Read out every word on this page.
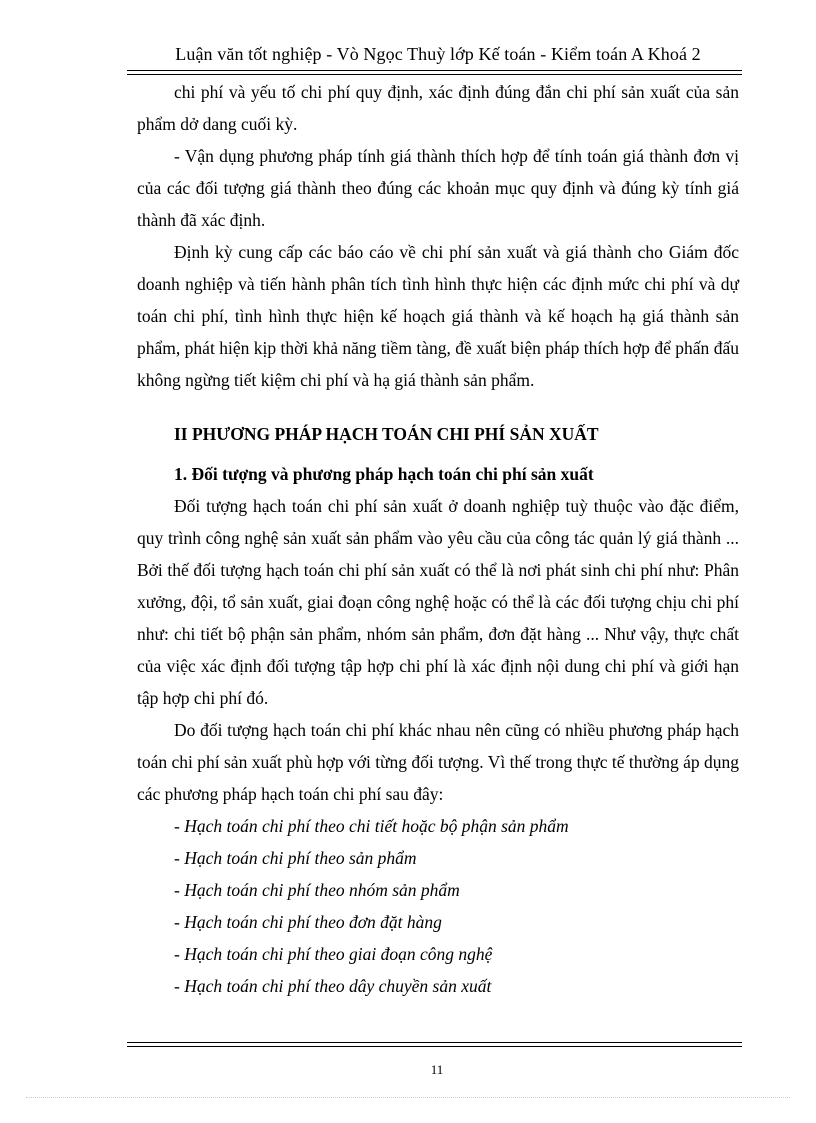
Luận văn tốt nghiệp - Vò Ngọc Thuỳ lớp Kế toán - Kiểm toán A Khoá 2

chi phí và yếu tố chi phí quy định, xác định đúng đắn chi phí sản xuất của sản phẩm dở dang cuối kỳ.

- Vận dụng phương pháp tính giá thành thích hợp để tính toán giá thành đơn vị của các đối tượng giá thành theo đúng các khoản mục quy định và đúng kỳ tính giá thành đã xác định.

Định kỳ cung cấp các báo cáo về chi phí sản xuất và giá thành cho Giám đốc doanh nghiệp và tiến hành phân tích tình hình thực hiện các định mức chi phí và dự toán chi phí, tình hình thực hiện kế hoạch giá thành và kế hoạch hạ giá thành sản phẩm, phát hiện kịp thời khả năng tiềm tàng, đề xuất biện pháp thích hợp để phấn đấu không ngừng tiết kiệm chi phí và hạ giá thành sản phẩm.

II PHƯƠNG PHÁP HẠCH TOÁN CHI PHÍ SẢN XUẤT
1. Đối tượng và phương pháp hạch toán chi phí sản xuất

Đối tượng hạch toán chi phí sản xuất ở doanh nghiệp tuỳ thuộc vào đặc điểm, quy trình công nghệ sản xuất sản phẩm vào yêu cầu của công tác quản lý giá thành ... Bởi thế đối tượng hạch toán chi phí sản xuất có thể là nơi phát sinh chi phí như: Phân xưởng, đội, tổ sản xuất, giai đoạn công nghệ hoặc có thể là các đối tượng chịu chi phí như: chi tiết bộ phận sản phẩm, nhóm sản phẩm, đơn đặt hàng ... Như vậy, thực chất của việc xác định đối tượng tập hợp chi phí là xác định nội dung chi phí và giới hạn tập hợp chi phí đó.

Do đối tượng hạch toán chi phí khác nhau nên cũng có nhiều phương pháp hạch toán chi phí sản xuất phù hợp với từng đối tượng. Vì thế trong thực tế thường áp dụng các phương pháp hạch toán chi phí sau đây:

- Hạch toán chi phí theo chi tiết hoặc bộ phận sản phẩm
- Hạch toán chi phí theo sản phẩm
- Hạch toán chi phí theo nhóm sản phẩm
- Hạch toán chi phí theo đơn đặt hàng
- Hạch toán chi phí theo giai đoạn công nghệ
- Hạch toán chi phí theo dây chuyền sản xuất
11
